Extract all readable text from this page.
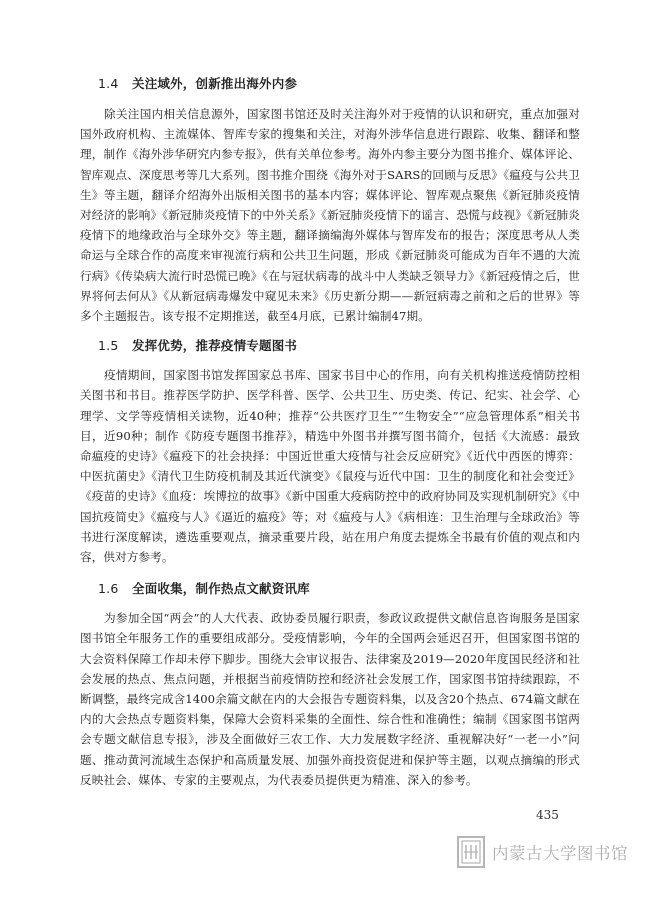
1.4 关注域外，创新推出海外内参

除关注国内相关信息源外，国家图书馆还及时关注海外对于疫情的认识和研究，重点加强对国外政府机构、主流媒体、智库专家的搜集和关注，对海外涉华信息进行跟踪、收集、翻译和整理，制作《海外涉华研究内参专报》，供有关单位参考。海外内参主要分为图书推介、媒体评论、智库观点、深度思考等几大系列。图书推介围绕《海外对于SARS的回顾与反思》《瘟疫与公共卫生》等主题，翻译介绍海外出版相关图书的基本内容；媒体评论、智库观点聚焦《新冠肺炎疫情对经济的影响》《新冠肺炎疫情下的中外关系》《新冠肺炎疫情下的谣言、恐慌与歧视》《新冠肺炎疫情下的地缘政治与全球外交》等主题，翻译摘编海外媒体与智库发布的报告；深度思考从人类命运与全球合作的高度来审视流行病和公共卫生问题，形成《新冠肺炎可能成为百年不遇的大流行病》《传染病大流行时恐慌已晚》《在与冠状病毒的战斗中人类缺乏领导力》《新冠疫情之后，世界将何去何从》《从新冠病毒爆发中窥见未来》《历史新分期——新冠病毒之前和之后的世界》等多个主题报告。该专报不定期推送，截至4月底，已累计编制47期。

1.5 发挥优势，推荐疫情专题图书

疫情期间，国家图书馆发挥国家总书库、国家书目中心的作用，向有关机构推送疫情防控相关图书和书目。推荐医学防护、医学科普、医学、公共卫生、历史类、传记、纪实、社会学、心理学、文学等疫情相关读物，近40种；推荐“公共医疗卫生”“生物安全”“应急管理体系”相关书目，近90种；制作《防疫专题图书推荐》，精选中外图书并撰写图书简介，包括《大流感：最致命瘟疫的史诗》《瘟疫下的社会抉择：中国近世重大疫情与社会反应研究》《近代中西医的博弈：中医抗菌史》《清代卫生防疫机制及其近代演变》《鼠疫与近代中国：卫生的制度化和社会变迁》《疫苗的史诗》《血疫：埃博拉的故事》《新中国重大疫病防控中的政府协同及实现机制研究》《中国抗疫简史》《瘟疫与人》《逼近的瘟疫》等；对《瘟疫与人》《病相连：卫生治理与全球政治》等书进行深度解读，遴选重要观点，摘录重要片段，站在用户角度去提炼全书最有价值的观点和内容，供对方参考。

1.6 全面收集，制作热点文献资讯库

为参加全国“两会”的人大代表、政协委员履行职责，参政议政提供文献信息咨询服务是国家图书馆全年服务工作的重要组成部分。受疫情影响，今年的全国两会延迟召开，但国家图书馆的大会资料保障工作却未停下脚步。围绕大会审议报告、法律案及2019—2020年度国民经济和社会发展的热点、焦点问题，并根据当前疫情防控和经济社会发展工作，国家图书馆持续跟踪，不断调整，最终完成含1400余篇文献在内的大会报告专题资料集，以及含20个热点、674篇文献在内的大会热点专题资料集，保障大会资料采集的全面性、综合性和准确性；编制《国家图书馆两会专题文献信息专报》，涉及全面做好三农工作、大力发展数字经济、重视解决好“一老一小”问题、推动黄河流域生态保护和高质量发展、加强外商投资促进和保护等主题，以观点摘编的形式反映社会、媒体、专家的主要观点，为代表委员提供更为精准、深入的参考。

435
内蒙古大学图书馆
